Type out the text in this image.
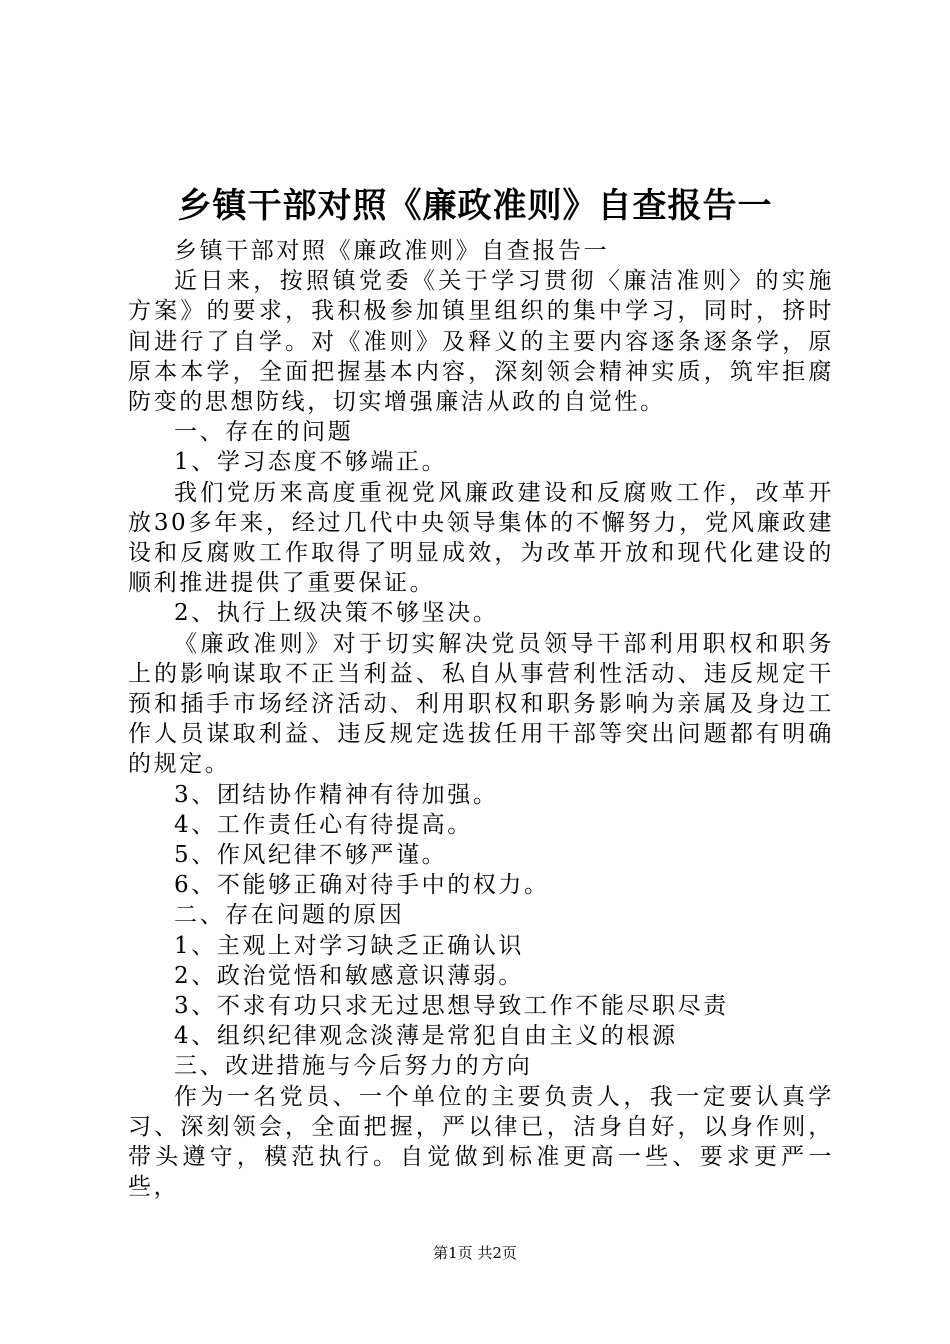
乡镇干部对照《廉政准则》自查报告一

乡镇干部对照《廉政准则》自查报告一

近日来，按照镇党委《关于学习贯彻〈廉洁准则〉的实施方案》的要求，我积极参加镇里组织的集中学习，同时，挤时间进行了自学。对《准则》及释义的主要内容逐条逐条学，原原本本学，全面把握基本内容，深刻领会精神实质，筑牢拒腐防变的思想防线，切实增强廉洁从政的自觉性。

一、存在的问题

1、学习态度不够端正。

我们党历来高度重视党风廉政建设和反腐败工作，改革开放30多年来，经过几代中央领导集体的不懈努力，党风廉政建设和反腐败工作取得了明显成效，为改革开放和现代化建设的顺利推进提供了重要保证。

2、执行上级决策不够坚决。

《廉政准则》对于切实解决党员领导干部利用职权和职务上的影响谋取不正当利益、私自从事营利性活动、违反规定干预和插手市场经济活动、利用职权和职务影响为亲属及身边工作人员谋取利益、违反规定选拔任用干部等突出问题都有明确的规定。

3、团结协作精神有待加强。

4、工作责任心有待提高。

5、作风纪律不够严谨。

6、不能够正确对待手中的权力。

二、存在问题的原因

1、主观上对学习缺乏正确认识

2、政治觉悟和敏感意识薄弱。

3、不求有功只求无过思想导致工作不能尽职尽责

4、组织纪律观念淡薄是常犯自由主义的根源

三、改进措施与今后努力的方向

作为一名党员、一个单位的主要负责人，我一定要认真学习、深刻领会，全面把握，严以律已，洁身自好，以身作则，带头遵守，模范执行。自觉做到标准更高一些、要求更严一些，

第1页 共2页
